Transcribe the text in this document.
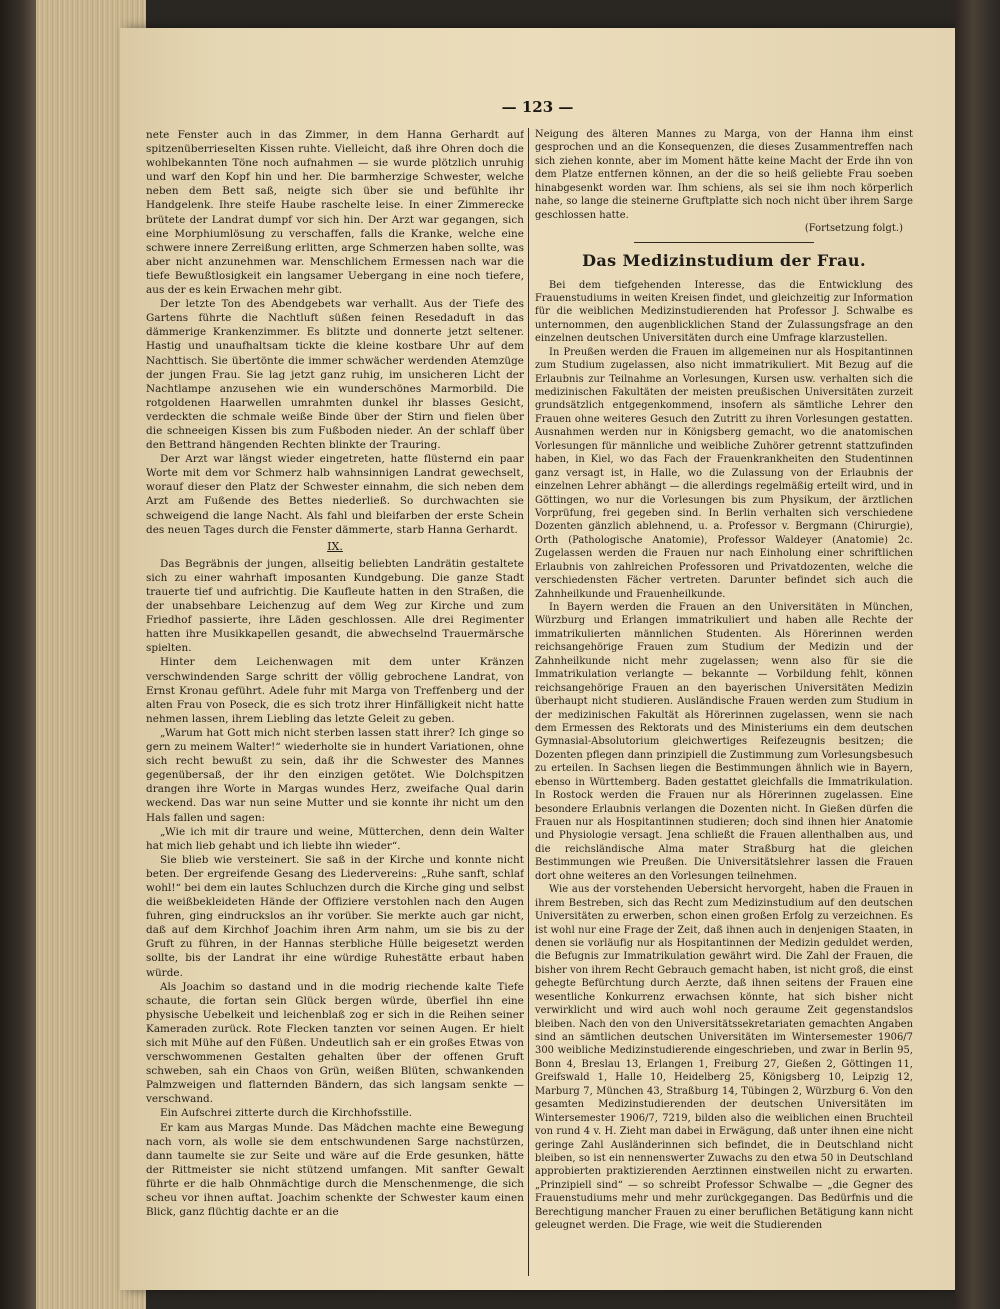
— 123 —

nete Fenster auch in das Zimmer, in dem Hanna Gerhardt auf spitzenüberrieselten Kissen ruhte. Vielleicht, daß ihre Ohren doch die wohlbekannten Töne noch aufnahmen — sie wurde plötzlich unruhig und warf den Kopf hin und her. Die barmherzige Schwester, welche neben dem Bett saß, neigte sich über sie und befühlte ihr Handgelenk. Ihre steife Haube raschelte leise. In einer Zimmerecke brütete der Landrat dumpf vor sich hin. Der Arzt war gegangen, sich eine Morphiumlösung zu verschaffen, falls die Kranke, welche eine schwere innere Zerreißung erlitten, arge Schmerzen haben sollte, was aber nicht anzunehmen war. Menschlichem Ermessen nach war die tiefe Bewußtlosigkeit ein langsamer Uebergang in eine noch tiefere, aus der es kein Erwachen mehr gibt.

Der letzte Ton des Abendgebets war verhallt. Aus der Tiefe des Gartens führte die Nachtluft süßen feinen Resedaduft in das dämmerige Krankenzimmer. Es blitzte und donnerte jetzt seltener. Hastig und unaufhaltsam tickte die kleine kostbare Uhr auf dem Nachttisch. Sie übertönte die immer schwächer werdenden Atemzüge der jungen Frau. Sie lag jetzt ganz ruhig, im unsicheren Licht der Nachtlampe anzusehen wie ein wunderschönes Marmorbild. Die rotgoldenen Haarwellen umrahmten dunkel ihr blasses Gesicht, verdeckten die schmale weiße Binde über der Stirn und fielen über die schneeigen Kissen bis zum Fußboden nieder. An der schlaff über den Bettrand hängenden Rechten blinkte der Trauring.

Der Arzt war längst wieder eingetreten, hatte flüsternd ein paar Worte mit dem vor Schmerz halb wahnsinnigen Landrat gewechselt, worauf dieser den Platz der Schwester einnahm, die sich neben dem Arzt am Fußende des Bettes niederließ. So durchwachten sie schweigend die lange Nacht. Als fahl und bleifarben der erste Schein des neuen Tages durch die Fenster dämmerte, starb Hanna Gerhardt.

IX.

Das Begräbnis der jungen, allseitig beliebten Landrätin gestaltete sich zu einer wahrhaft imposanten Kundgebung. Die ganze Stadt trauerte tief und aufrichtig. Die Kaufleute hatten in den Straßen, die der unabsehbare Leichenzug auf dem Weg zur Kirche und zum Friedhof passierte, ihre Läden geschlossen. Alle drei Regimenter hatten ihre Musikkapellen gesandt, die abwechselnd Trauermärsche spielten.

Hinter dem Leichenwagen mit dem unter Kränzen verschwindenden Sarge schritt der völlig gebrochene Landrat, von Ernst Kronau geführt. Adele fuhr mit Marga von Treffenberg und der alten Frau von Poseck, die es sich trotz ihrer Hinfälligkeit nicht hatte nehmen lassen, ihrem Liebling das letzte Geleit zu geben.

„Warum hat Gott mich nicht sterben lassen statt ihrer? Ich ginge so gern zu meinem Walter!“ wiederholte sie in hundert Variationen, ohne sich recht bewußt zu sein, daß ihr die Schwester des Mannes gegenübersaß, der ihr den einzigen getötet. Wie Dolchspitzen drangen ihre Worte in Margas wundes Herz, zweifache Qual darin weckend. Das war nun seine Mutter und sie konnte ihr nicht um den Hals fallen und sagen:

„Wie ich mit dir traure und weine, Mütterchen, denn dein Walter hat mich lieb gehabt und ich liebte ihn wieder“.

Sie blieb wie versteinert. Sie saß in der Kirche und konnte nicht beten. Der ergreifende Gesang des Liedervereins: „Ruhe sanft, schlaf wohl!“ bei dem ein lautes Schluchzen durch die Kirche ging und selbst die weißbekleideten Hände der Offiziere verstohlen nach den Augen fuhren, ging eindruckslos an ihr vorüber. Sie merkte auch gar nicht, daß auf dem Kirchhof Joachim ihren Arm nahm, um sie bis zu der Gruft zu führen, in der Hannas sterbliche Hülle beigesetzt werden sollte, bis der Landrat ihr eine würdige Ruhestätte erbaut haben würde.

Als Joachim so dastand und in die modrig riechende kalte Tiefe schaute, die fortan sein Glück bergen würde, überfiel ihn eine physische Uebelkeit und leichenblaß zog er sich in die Reihen seiner Kameraden zurück. Rote Flecken tanzten vor seinen Augen. Er hielt sich mit Mühe auf den Füßen. Undeutlich sah er ein großes Etwas von verschwommenen Gestalten gehalten über der offenen Gruft schweben, sah ein Chaos von Grün, weißen Blüten, schwankenden Palmzweigen und flatternden Bändern, das sich langsam senkte — verschwand.

Ein Aufschrei zitterte durch die Kirchhofsstille.

Er kam aus Margas Munde. Das Mädchen machte eine Bewegung nach vorn, als wolle sie dem entschwundenen Sarge nachstürzen, dann taumelte sie zur Seite und wäre auf die Erde gesunken, hätte der Rittmeister sie nicht stützend umfangen. Mit sanfter Gewalt führte er die halb Ohnmächtige durch die Menschenmenge, die sich scheu vor ihnen auftat. Joachim schenkte der Schwester kaum einen Blick, ganz flüchtig dachte er an die

Neigung des älteren Mannes zu Marga, von der Hanna ihm einst gesprochen und an die Konsequenzen, die dieses Zusammentreffen nach sich ziehen konnte, aber im Moment hätte keine Macht der Erde ihn von dem Platze entfernen können, an der die so heiß geliebte Frau soeben hinabgesenkt worden war. Ihm schiens, als sei sie ihm noch körperlich nahe, so lange die steinerne Gruftplatte sich noch nicht über ihrem Sarge geschlossen hatte.

(Fortsetzung folgt.)
Das Medizinstudium der Frau.

Bei dem tiefgehenden Interesse, das die Entwicklung des Frauenstudiums in weiten Kreisen findet, und gleichzeitig zur Information für die weiblichen Medizinstudierenden hat Professor J. Schwalbe es unternommen, den augenblicklichen Stand der Zulassungsfrage an den einzelnen deutschen Universitäten durch eine Umfrage klarzustellen.

In Preußen werden die Frauen im allgemeinen nur als Hospitantinnen zum Studium zugelassen, also nicht immatrikuliert. Mit Bezug auf die Erlaubnis zur Teilnahme an Vorlesungen, Kursen usw. verhalten sich die medizinischen Fakultäten der meisten preußischen Universitäten zurzeit grundsätzlich entgegenkommend, insofern als sämtliche Lehrer den Frauen ohne weiteres Gesuch den Zutritt zu ihren Vorlesungen gestatten. Ausnahmen werden nur in Königsberg gemacht, wo die anatomischen Vorlesungen für männliche und weibliche Zuhörer getrennt stattzufinden haben, in Kiel, wo das Fach der Frauenkrankheiten den Studentinnen ganz versagt ist, in Halle, wo die Zulassung von der Erlaubnis der einzelnen Lehrer abhängt — die allerdings regelmäßig erteilt wird, und in Göttingen, wo nur die Vorlesungen bis zum Physikum, der ärztlichen Vorprüfung, frei gegeben sind. In Berlin verhalten sich verschiedene Dozenten gänzlich ablehnend, u. a. Professor v. Bergmann (Chirurgie), Orth (Pathologische Anatomie), Professor Waldeyer (Anatomie) 2c. Zugelassen werden die Frauen nur nach Einholung einer schriftlichen Erlaubnis von zahlreichen Professoren und Privatdozenten, welche die verschiedensten Fächer vertreten. Darunter befindet sich auch die Zahnheilkunde und Frauenheilkunde.

In Bayern werden die Frauen an den Universitäten in München, Würzburg und Erlangen immatrikuliert und haben alle Rechte der immatrikulierten männlichen Studenten. Als Hörerinnen werden reichsangehörige Frauen zum Studium der Medizin und der Zahnheilkunde nicht mehr zugelassen; wenn also für sie die Immatrikulation verlangte — bekannte — Vorbildung fehlt, können reichsangehörige Frauen an den bayerischen Universitäten Medizin überhaupt nicht studieren. Ausländische Frauen werden zum Studium in der medizinischen Fakultät als Hörerinnen zugelassen, wenn sie nach dem Ermessen des Rektorats und des Ministeriums ein dem deutschen Gymnasial-Absolutorium gleichwertiges Reifezeugnis besitzen; die Dozenten pflegen dann prinzipiell die Zustimmung zum Vorlesungsbesuch zu erteilen. In Sachsen liegen die Bestimmungen ähnlich wie in Bayern, ebenso in Württemberg. Baden gestattet gleichfalls die Immatrikulation. In Rostock werden die Frauen nur als Hörerinnen zugelassen. Eine besondere Erlaubnis verlangen die Dozenten nicht. In Gießen dürfen die Frauen nur als Hospitantinnen studieren; doch sind ihnen hier Anatomie und Physiologie versagt. Jena schließt die Frauen allenthalben aus, und die reichsländische Alma mater Straßburg hat die gleichen Bestimmungen wie Preußen. Die Universitätslehrer lassen die Frauen dort ohne weiteres an den Vorlesungen teilnehmen.

Wie aus der vorstehenden Uebersicht hervorgeht, haben die Frauen in ihrem Bestreben, sich das Recht zum Medizinstudium auf den deutschen Universitäten zu erwerben, schon einen großen Erfolg zu verzeichnen. Es ist wohl nur eine Frage der Zeit, daß ihnen auch in denjenigen Staaten, in denen sie vorläufig nur als Hospitantinnen der Medizin geduldet werden, die Befugnis zur Immatrikulation gewährt wird. Die Zahl der Frauen, die bisher von ihrem Recht Gebrauch gemacht haben, ist nicht groß, die einst gehegte Befürchtung durch Aerzte, daß ihnen seitens der Frauen eine wesentliche Konkurrenz erwachsen könnte, hat sich bisher nicht verwirklicht und wird auch wohl noch geraume Zeit gegenstandslos bleiben. Nach den von den Universitätssekretariaten gemachten Angaben sind an sämtlichen deutschen Universitäten im Wintersemester 1906/7 300 weibliche Medizinstudierende eingeschrieben, und zwar in Berlin 95, Bonn 4, Breslau 13, Erlangen 1, Freiburg 27, Gießen 2, Göttingen 11, Greifswald 1, Halle 10, Heidelberg 25, Königsberg 10, Leipzig 12, Marburg 7, München 43, Straßburg 14, Tübingen 2, Würzburg 6. Von den gesamten Medizinstudierenden der deutschen Universitäten im Wintersemester 1906/7, 7219, bilden also die weiblichen einen Bruchteil von rund 4 v. H. Zieht man dabei in Erwägung, daß unter ihnen eine nicht geringe Zahl Ausländerinnen sich befindet, die in Deutschland nicht bleiben, so ist ein nennenswerter Zuwachs zu den etwa 50 in Deutschland approbierten praktizierenden Aerztinnen einstweilen nicht zu erwarten. „Prinzipiell sind“ — so schreibt Professor Schwalbe — „die Gegner des Frauenstudiums mehr und mehr zurückgegangen. Das Bedürfnis und die Berechtigung mancher Frauen zu einer beruflichen Betätigung kann nicht geleugnet werden. Die Frage, wie weit die Studierenden
